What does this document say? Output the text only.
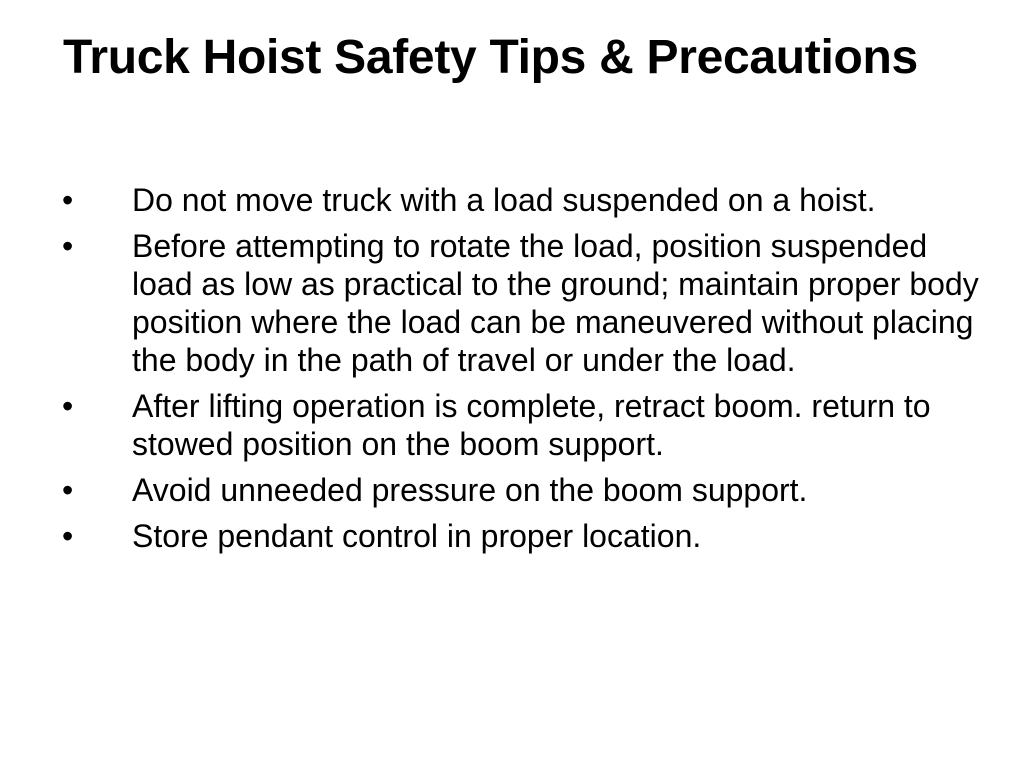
Truck Hoist Safety Tips & Precautions
•	Do not move truck with a load suspended on a hoist.
•	Before attempting to rotate the load, position suspended load as low as practical to the ground; maintain proper body position where the load can be maneuvered without placing the body in the path of travel or under the load.
•	After lifting operation is complete, retract boom. return to stowed position on the boom support.
•	Avoid unneeded pressure on the boom support.
•	Store pendant control in proper location.
